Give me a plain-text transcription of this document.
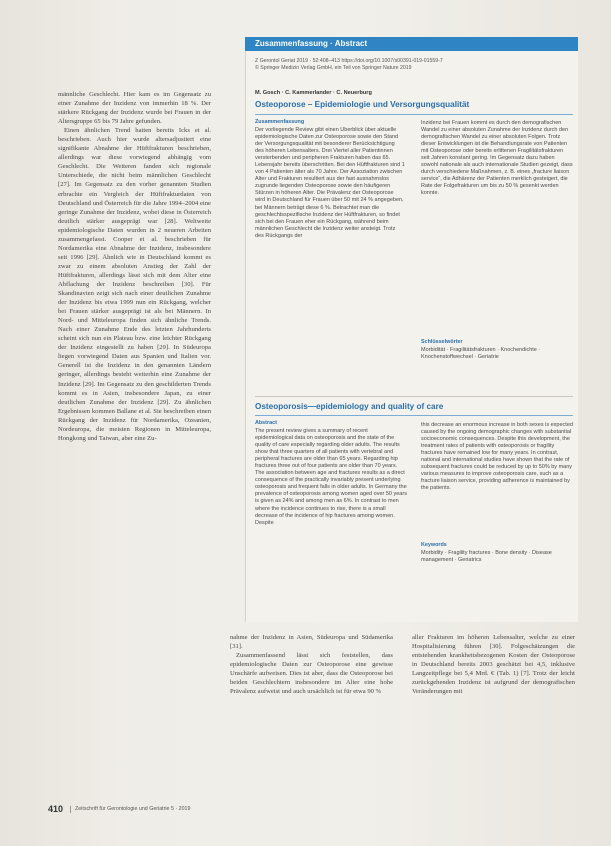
männliche Geschlecht. Hier kam es im Gegensatz zu einer Zunahme der Inzidenz von immerhin 18 %. Der stärkere Rückgang der Inzidenz wurde bei Frauen in der Altersgruppe 65 bis 79 Jahre gefunden.

Einen ähnlichen Trend hatten bereits Icks et al. beschrieben. Auch hier wurde altersadjustiert eine signifikante Abnahme der Hüftfrakturen beschrieben, allerdings war diese vorwiegend abhängig vom Geschlecht. Die Weiteren fanden sich regionale Unterschiede, die nicht beim männlichen Geschlecht [27]. Im Gegensatz zu den vorher genannten Studien erbrachte ein Vergleich der Hüftfrakturdaten von Deutschland und Österreich für die Jahre 1994–2004 eine geringe Zunahme der Inzidenz, wobei diese in Österreich deutlich stärker ausgeprägt war [28]. Weltweite epidemiologische Daten wurden in 2 neueren Arbeiten zusammengefasst. Cooper et al. beschrieben für Nordamerika eine Abnahme der Inzidenz, insbesondere seit 1996 [29]. Ähnlich wie in Deutschland kommt es zwar zu einem absoluten Anstieg der Zahl der Hüftfrakturen, allerdings lässt sich mit dem Alter eine Abflachung der Inzidenz beschreiben [30]. Für Skandinavien zeigt sich nach einer deutlichen Zunahme der Inzidenz bis etwa 1999 nun ein Rückgang, welcher bei Frauen stärker ausgeprägt ist als bei Männern. In Nord- und Mitteleuropa finden sich ähnliche Trends. Nach einer Zunahme Ende des letzten Jahrhunderts scheint sich nun ein Plateau bzw. eine leichter Rückgang der Inzidenz eingestellt zu haben [29]. In Südeuropa liegen vorwiegend Daten aus Spanien und Italien vor. Generell ist die Inzidenz in den genannten Ländern geringer, allerdings besteht weiterhin eine Zunahme der Inzidenz [29]. Im Gegensatz zu den geschilderten Trends kommt es in Asien, insbesondere Japan, zu einer deutlichen Zunahme der Inzidenz [29]. Zu ähnlichen Ergebnissen kommen Ballane et al. Sie beschreiben einen Rückgang der Inzidenz für Nordamerika, Ozeanien, Nordeuropa, die meisten Regionen in Mitteleuropa, Hongkong und Taiwan, aber eine Zu-

Zusammenfassung · Abstract
Z Gerontol Geriat 2019 · 52:408–413 https://doi.org/10.1007/s00391-019-01559-7
© Springer Medizin Verlag GmbH, ein Teil von Springer Nature 2019
M. Gosch · C. Kammerlander · C. Neuerburg
Osteoporose – Epidemiologie und Versorgungsqualität
Zusammenfassung

Der vorliegende Review gibt einen Überblick über aktuelle epidemiologische Daten zur Osteoporose sowie den Stand der Versorgungsqualität mit besonderer Berücksichtigung des höheren Lebensalters. Drei Viertel aller Patientinnen versterbenden und peripheren Frakturen haben das 65. Lebensjahr bereits überschritten. Bei den Hüftfrakturen sind 1 von 4 Patienten älter als 70 Jahre. Der Assoziation zwischen Alter und Frakturen resultiert aus der fast ausnahmslos zugrunde liegenden Osteoporose sowie den häufigeren Stürzen in höheren Alter. Die Prävalenz der Osteoporose wird in Deutschland für Frauen über 50 mit 24 % angegeben, bei Männern beträgt diese 6 %. Betrachtet man die geschlechtsspezifische Inzidenz der Hüftfrakturen, so findet sich bei den Frauen eher ein Rückgang, während beim männlichen Geschlecht die Inzidenz weiter ansteigt. Trotz des Rückgangs der

Inzidenz bei Frauen kommt es durch den demografischen Wandel zu einer absoluten Zunahme der Inzidenz durch den demografischen Wandel zu einer absoluten Folgen. Trotz dieser Entwicklungen ist die Behandlungsrate von Patienten mit Osteoporose oder bereits erlittenen Fragilitätsfrakturen seit Jahren konstant gering. Im Gegensatz dazu haben sowohl nationale als auch internationale Studien gezeigt, dass durch verschiedene Maßnahmen, z. B. eines „fracture liaison service“, die Adhärenz der Patienten merklich gesteigert, die Rate der Folgefrakturen um bis zu 50 % gesenkt werden konnte.

Schlüsselwörter
Morbidität · Fragilitätsfrakturen · Knochendichte · Knochenstoffwechsel · Geriatrie
Osteoporosis—epidemiology and quality of care
Abstract

The present review gives a summary of recent epidemiological data on osteoporosis and the state of the quality of care especially regarding older adults. The results show that three quarters of all patients with vertebral and peripheral fractures are older than 65 years. Regarding hip fractures three out of four patients are older than 70 years. The association between age and fractures results as a direct consequence of the practically invariably present underlying osteoporosis and frequent falls in older adults. In Germany the prevalence of osteoporosis among women aged over 50 years is given as 24% and among men as 6%. In contrast to men where the incidence continues to rise, there is a small decrease of the incidence of hip fractures among women. Despite

this decrease an enormous increase in both sexes is expected caused by the ongoing demographic changes with substantial socioeconomic consequences. Despite this development, the treatment rates of patients with osteoporosis or fragility fractures have remained low for many years. In contrast, national and international studies have shown that the rate of subsequent fractures could be reduced by up to 50% by many various measures to improve osteoporosis care, such as a fracture liaison service, providing adherence is maintained by the patients.

Keywords
Morbidity · Fragility fractures · Bone density · Disease management · Geriatrics

nahme der Inzidenz in Asien, Südeuropa und Südamerika [31].

Zusammenfassend lässt sich feststellen, dass epidemiologische Daten zur Osteoporose eine gewisse Unschärfe aufweisen. Dies ist aber, dass die Osteoporose bei beiden Geschlechtern insbesondere im Alter eine hohe Prävalenz aufweist und auch ursächlich ist für etwa 90 %

aller Frakturen im höheren Lebensalter, welche zu einer Hospitalisierung führen [30]. Folgeschätzungen die entstehenden krankheitsbezogenen Kosten der Osteoporose in Deutschland bereits 2003 geschätzt bei 4,5, inklusive Langzeitpflege bei 5,4 Mrd. € (Tab. 1) [7]. Trotz der leicht zurückgehenden Inzidenz ist aufgrund der demografischen Veränderungen mit

410 Zeitschrift für Gerontologie und Geriatrie 5 · 2019
